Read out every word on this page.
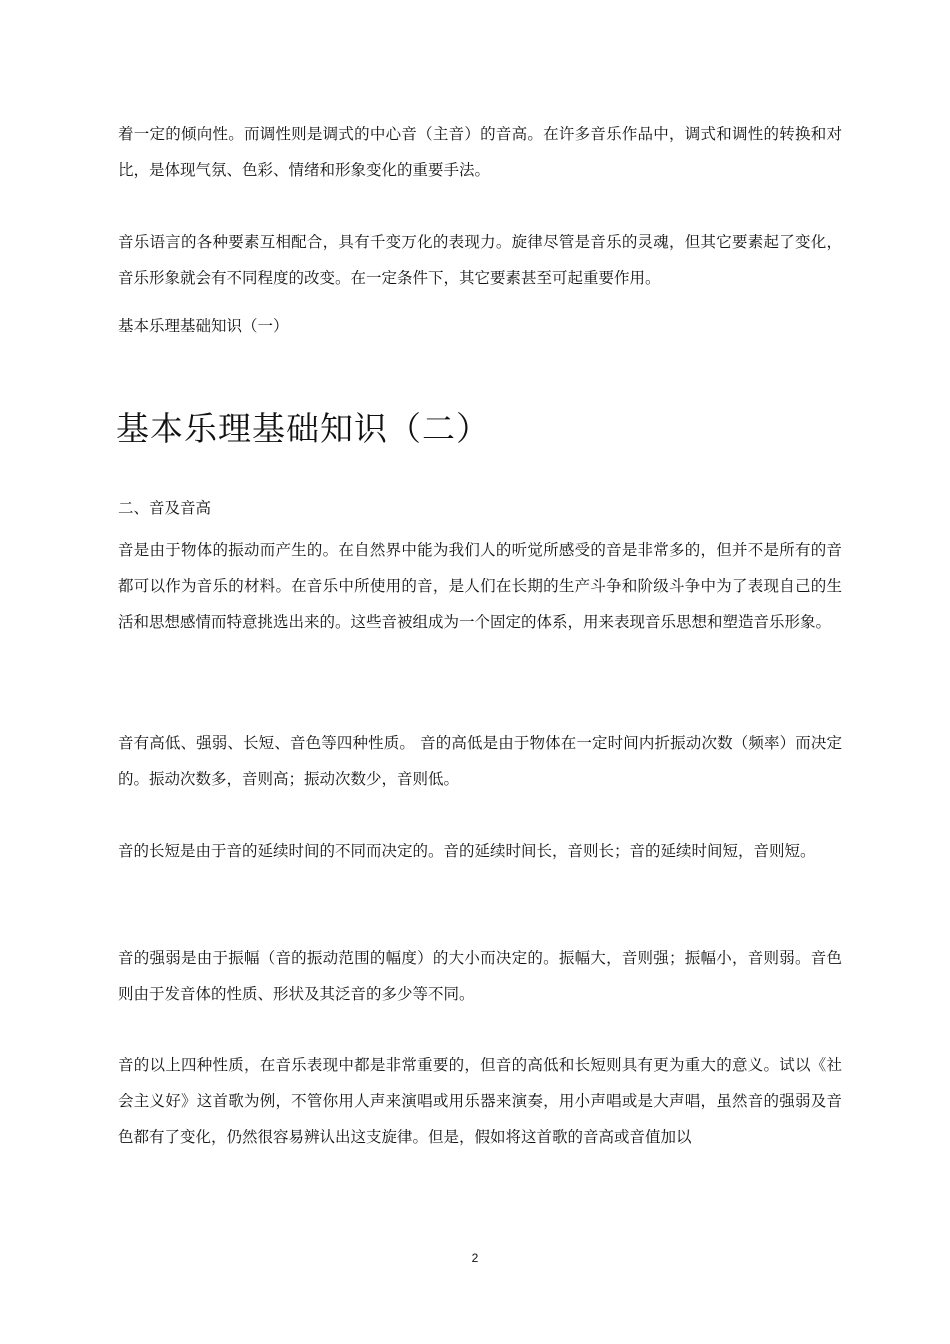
着一定的倾向性。而调性则是调式的中心音（主音）的音高。在许多音乐作品中，调式和调性的转换和对比，是体现气氛、色彩、情绪和形象变化的重要手法。

音乐语言的各种要素互相配合，具有千变万化的表现力。旋律尽管是音乐的灵魂，但其它要素起了变化，音乐形象就会有不同程度的改变。在一定条件下，其它要素甚至可起重要作用。

基本乐理基础知识（一）

基本乐理基础知识（二）

二、音及音高

音是由于物体的振动而产生的。在自然界中能为我们人的听觉所感受的音是非常多的，但并不是所有的音都可以作为音乐的材料。在音乐中所使用的音，是人们在长期的生产斗争和阶级斗争中为了表现自己的生活和思想感情而特意挑选出来的。这些音被组成为一个固定的体系，用来表现音乐思想和塑造音乐形象。

音有高低、强弱、长短、音色等四种性质。 音的高低是由于物体在一定时间内折振动次数（频率）而决定的。振动次数多，音则高；振动次数少，音则低。

音的长短是由于音的延续时间的不同而决定的。音的延续时间长，音则长；音的延续时间短，音则短。

音的强弱是由于振幅（音的振动范围的幅度）的大小而决定的。振幅大，音则强；振幅小，音则弱。音色则由于发音体的性质、形状及其泛音的多少等不同。

音的以上四种性质，在音乐表现中都是非常重要的，但音的高低和长短则具有更为重大的意义。试以《社会主义好》这首歌为例，不管你用人声来演唱或用乐器来演奏，用小声唱或是大声唱，虽然音的强弱及音色都有了变化，仍然很容易辨认出这支旋律。但是，假如将这首歌的音高或音值加以

2
